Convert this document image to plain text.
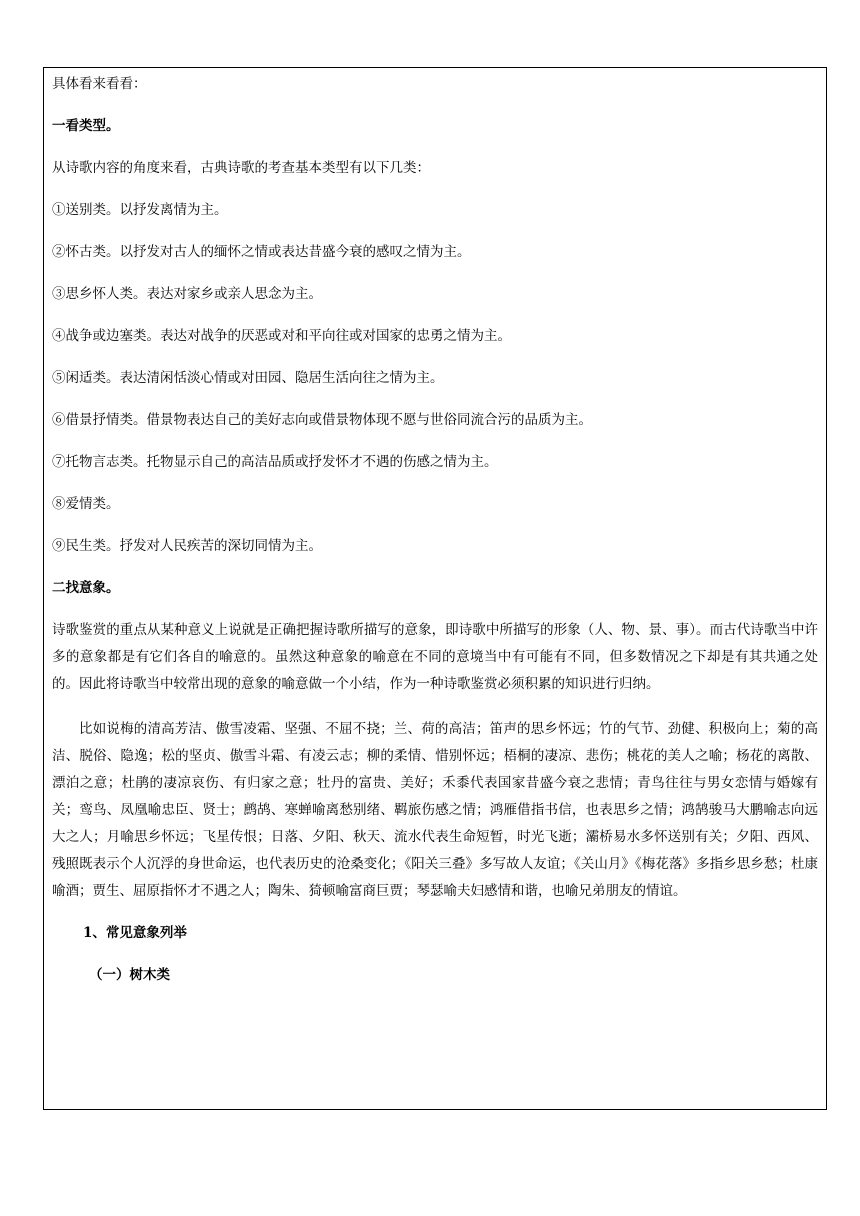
具体看来看看：
一看类型。
从诗歌内容的角度来看，古典诗歌的考查基本类型有以下几类：
①送别类。以抒发离情为主。
②怀古类。以抒发对古人的缅怀之情或表达昔盛今衰的感叹之情为主。
③思乡怀人类。表达对家乡或亲人思念为主。
④战争或边塞类。表达对战争的厌恶或对和平向往或对国家的忠勇之情为主。
⑤闲适类。表达清闲恬淡心情或对田园、隐居生活向往之情为主。
⑥借景抒情类。借景物表达自己的美好志向或借景物体现不愿与世俗同流合污的品质为主。
⑦托物言志类。托物显示自己的高洁品质或抒发怀才不遇的伤感之情为主。
⑧爱情类。
⑨民生类。抒发对人民疾苦的深切同情为主。
二找意象。
诗歌鉴赏的重点从某种意义上说就是正确把握诗歌所描写的意象，即诗歌中所描写的形象（人、物、景、事）。而古代诗歌当中许多的意象都是有它们各自的喻意的。虽然这种意象的喻意在不同的意境当中有可能有不同，但多数情况之下却是有其共通之处的。因此将诗歌当中较常出现的意象的喻意做一个小结，作为一种诗歌鉴赏必须积累的知识进行归纳。
比如说梅的清高芳洁、傲雪凌霜、坚强、不屈不挠；兰、荷的高洁；笛声的思乡怀远；竹的气节、劲健、积极向上；菊的高洁、脱俗、隐逸；松的坚贞、傲雪斗霜、有凌云志；柳的柔情、惜别怀远；梧桐的凄凉、悲伤；桃花的美人之喻；杨花的离散、漂泊之意；杜鹃的凄凉哀伤、有归家之意；牡丹的富贵、美好；禾黍代表国家昔盛今衰之悲情；青鸟往往与男女恋情与婚嫁有关；鸾鸟、凤凰喻忠臣、贤士；鹧鸪、寒蝉喻离愁别绪、羁旅伤感之情；鸿雁借指书信，也表思乡之情；鸿鹄骏马大鹏喻志向远大之人；月喻思乡怀远；飞星传恨；日落、夕阳、秋天、流水代表生命短暂，时光飞逝；灞桥易水多怀送别有关；夕阳、西风、残照既表示个人沉浮的身世命运，也代表历史的沧桑变化；《阳关三叠》多写故人友谊；《关山月》《梅花落》多指乡思乡愁；杜康喻酒；贾生、屈原指怀才不遇之人；陶朱、猗顿喻富商巨贾；琴瑟喻夫妇感情和谐，也喻兄弟朋友的情谊。
1、常见意象列举
（一）树木类
